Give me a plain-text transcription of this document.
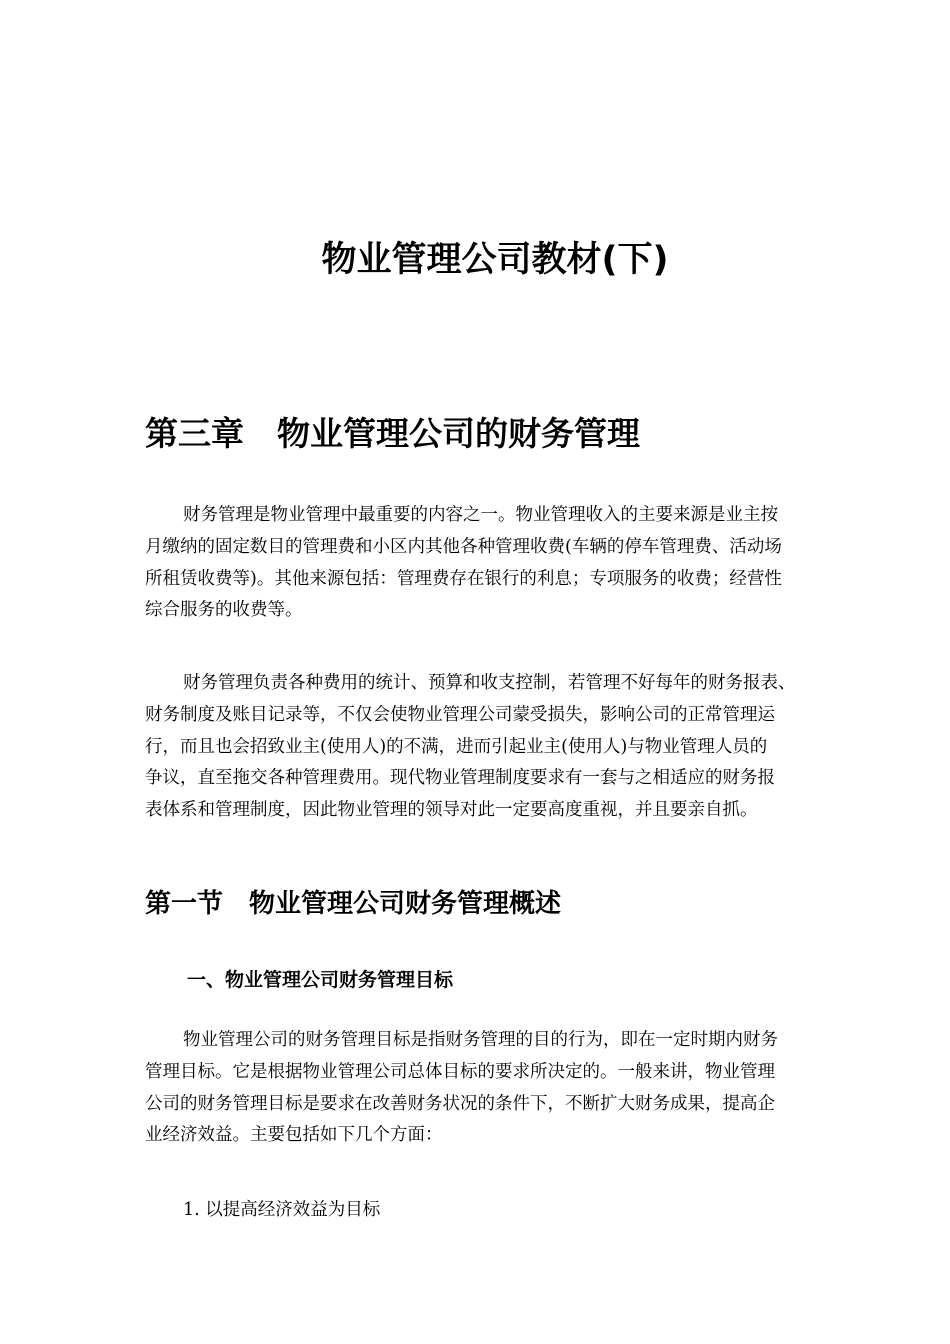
物业管理公司教材(下)
第三章　物业管理公司的财务管理
财务管理是物业管理中最重要的内容之一。物业管理收入的主要来源是业主按
月缴纳的固定数目的管理费和小区内其他各种管理收费(车辆的停车管理费、活动场
所租赁收费等)。其他来源包括：管理费存在银行的利息；专项服务的收费；经营性
综合服务的收费等。
财务管理负责各种费用的统计、预算和收支控制，若管理不好每年的财务报表、
财务制度及账目记录等，不仅会使物业管理公司蒙受损失，影响公司的正常管理运
行，而且也会招致业主(使用人)的不满，进而引起业主(使用人)与物业管理人员的
争议，直至拖交各种管理费用。现代物业管理制度要求有一套与之相适应的财务报
表体系和管理制度，因此物业管理的领导对此一定要高度重视，并且要亲自抓。
第一节　物业管理公司财务管理概述
一、物业管理公司财务管理目标
物业管理公司的财务管理目标是指财务管理的目的行为，即在一定时期内财务
管理目标。它是根据物业管理公司总体目标的要求所决定的。一般来讲，物业管理
公司的财务管理目标是要求在改善财务状况的条件下，不断扩大财务成果，提高企
业经济效益。主要包括如下几个方面：

1. 以提高经济效益为目标
